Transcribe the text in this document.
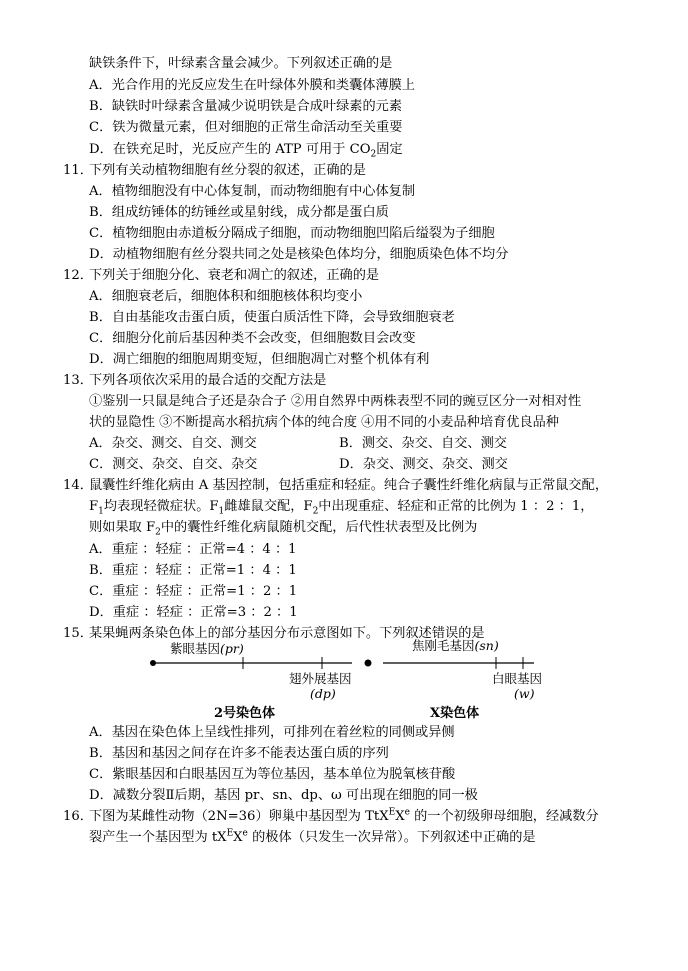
缺铁条件下，叶绿素含量会减少。下列叙述正确的是
A．光合作用的光反应发生在叶绿体外膜和类囊体薄膜上
B．缺铁时叶绿素含量减少说明铁是合成叶绿素的元素
C．铁为微量元素，但对细胞的正常生命活动至关重要
D．在铁充足时，光反应产生的 ATP 可用于 $CO_2$固定
11．下列有关动植物细胞有丝分裂的叙述，正确的是
A．植物细胞没有中心体复制，而动物细胞有中心体复制
B．组成纺锤体的纺锤丝或星射线，成分都是蛋白质
C．植物细胞由赤道板分隔成子细胞，而动物细胞凹陷后缢裂为子细胞
D．动植物细胞有丝分裂共同之处是核染色体均分，细胞质染色体不均分
12．下列关于细胞分化、衰老和凋亡的叙述，正确的是
A．细胞衰老后，细胞体积和细胞核体积均变小
B．自由基能攻击蛋白质，使蛋白质活性下降，会导致细胞衰老
C．细胞分化前后基因种类不会改变，但细胞数目会改变
D．凋亡细胞的细胞周期变短，但细胞凋亡对整个机体有利
13．下列各项依次采用的最合适的交配方法是
①鉴别一只鼠是纯合子还是杂合子 ②用自然界中两株表型不同的豌豆区分一对相对性
状的显隐性 ③不断提高水稻抗病个体的纯合度 ④用不同的小麦品种培育优良品种
A．杂交、测交、自交、测交	B．测交、杂交、自交、测交
C．测交、杂交、自交、杂交	D．杂交、测交、杂交、测交
14．鼠囊性纤维化病由 A 基因控制，包括重症和轻症。纯合子囊性纤维化病鼠与正常鼠交配，
$F_1$均表现轻微症状。$F_1$雌雄鼠交配，$F_2$中出现重症、轻症和正常的比例为 1 ：2 ：1，
则如果取 $F_2$中的囊性纤维化病鼠随机交配，后代性状表型及比例为
A．重症 ：轻症 ：正常=4 ：4 ：1
B．重症 ：轻症 ：正常=1 ：4 ：1
C．重症 ：轻症 ：正常=1 ：2 ：1
D．重症 ：轻症 ：正常=3 ：2 ：1
15．某果蝇两条染色体上的部分基因分布示意图如下。下列叙述错误的是
紫眼基因(pr)
翅外展基因
(dp)
2号染色体
焦刚毛基因(sn)
白眼基因
(w)
X染色体
A．基因在染色体上呈线性排列，可排列在着丝粒的同侧或异侧
B．基因和基因之间存在许多不能表达蛋白质的序列
C．紫眼基因和白眼基因互为等位基因，基本单位为脱氧核苷酸
D．减数分裂Ⅱ后期，基因 pr、sn、dp、ω 可出现在细胞的同一极
16．下图为某雌性动物（2N=36）卵巢中基因型为 TtX$^E$Xe 的一个初级卵母细胞，经减数分
裂产生一个基因型为 $tX^EXe$ 的极体（只发生一次异常）。下列叙述中正确的是
